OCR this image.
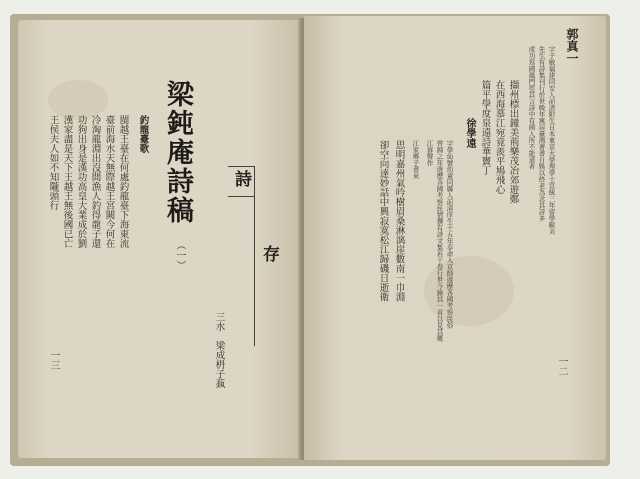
王侯夫人如不知隴頭行 漢家盡是天下王越王無後國已亡 功狗出身是漢功高皇大業成於劉 冷淘龍淵出沒間漁人釣得龍子還 臺前海水天無際越王宮闕今何在 閩越王臺在何處釣龍臺下海東流 釣龍臺歌 梁鈍庵詩稿
（一）
三水　梁成枬子蓺
詩
存
一三	一二
郭真一
字子敏福建同安人前清附生日本東京大學理學士宣統三年留學歐美
先生有詩集刊行於世晚年寓居臺灣著書自娛以終老為念其詩多
成功寫國風門徑其言詩中有國人所不能道者
擷州標出鐘美荊樂茂冶郊遊鄭
在西海慕江宛竟羨平鳩飛心
篇平學度泉遠詩華竇丁
徐學遠
字學仙號幼童同縣人前清庠生十五年奉命入京師遊歷各國考察民俗
曾歸之年遊歷各國考察民情撰有詩文集若干卷行世今錄其一首以見其概
江蓉聲作
江家鄉子書來
思明嘉州氣吟樹眉桑淋漓崖數南一巾淵
卻空向達妙話中興寂寞松江歸磯日逝衛
